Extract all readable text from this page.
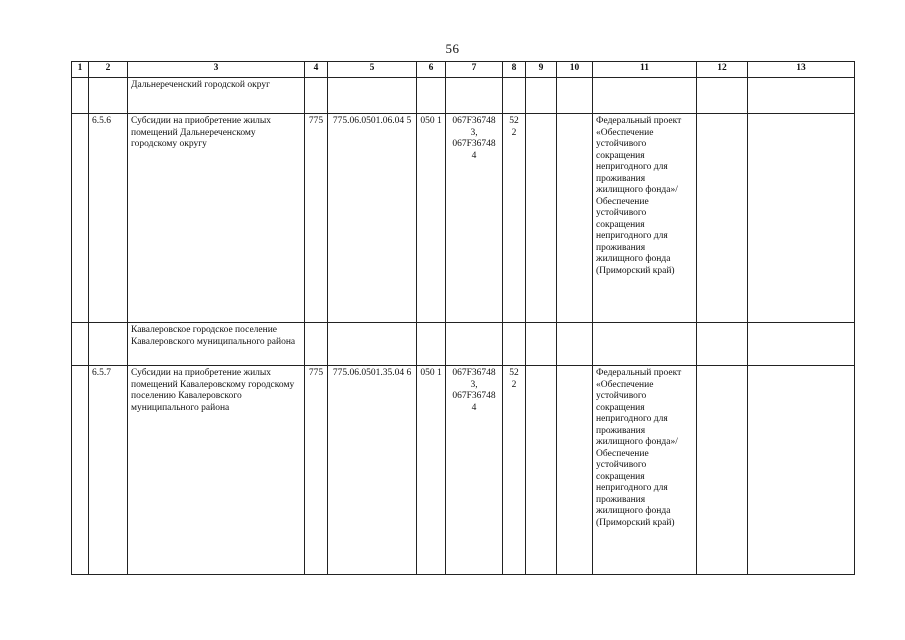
56
1	2	3	4	5	6	7	8	9	10	11	12	13
		Дальнереченский городской округ										
	6.5.6	Субсидии на приобретение жилых помещений Дальнереченскому городскому округу	775	775.06.0501.06.04 5	050 1	067F36748 3, 067F36748 4	52 2			Федеральный проект «Обеспечение устойчивого сокращения непригодного для проживания жилищного фонда»/ Обеспечение устойчивого сокращения непригодного для проживания жилищного фонда (Приморский край)		
		Кавалеровское городское поселение Кавалеровского муниципального района										
	6.5.7	Субсидии на приобретение жилых помещений Кавалеровскому городскому поселению Кавалеровского муниципального района	775	775.06.0501.35.04 6	050 1	067F36748 3, 067F36748 4	52 2			Федеральный проект «Обеспечение устойчивого сокращения непригодного для проживания жилищного фонда»/ Обеспечение устойчивого сокращения непригодного для проживания жилищного фонда (Приморский край)		
